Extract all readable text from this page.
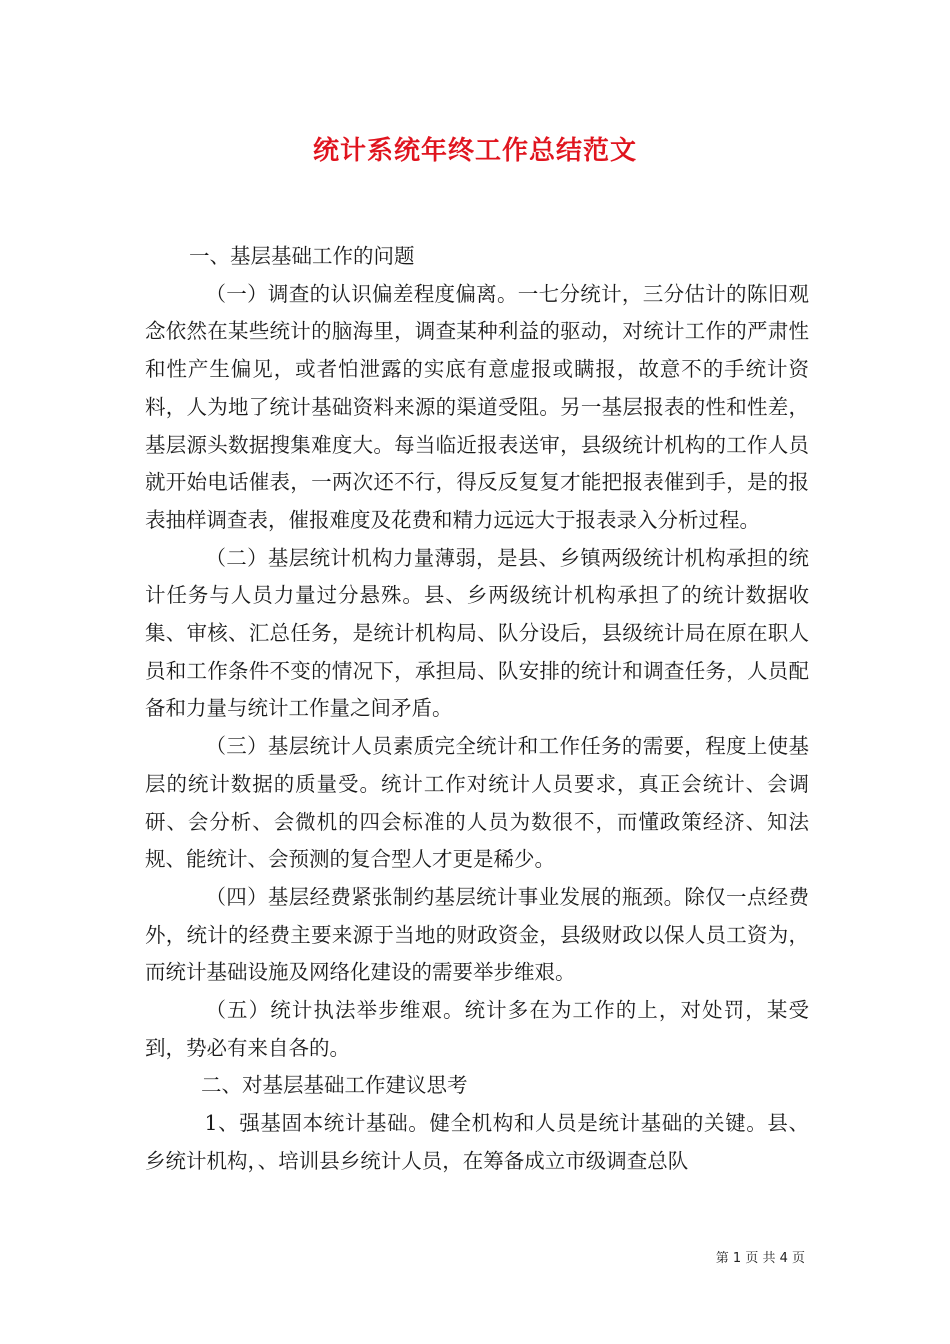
统计系统年终工作总结范文

一、基层基础工作的问题

（一）调查的认识偏差程度偏离。一七分统计，三分估计的陈旧观念依然在某些统计的脑海里，调查某种利益的驱动，对统计工作的严肃性和性产生偏见，或者怕泄露的实底有意虚报或瞒报，故意不的手统计资料，人为地了统计基础资料来源的渠道受阻。另一基层报表的性和性差，基层源头数据搜集难度大。每当临近报表送审，县级统计机构的工作人员就开始电话催表，一两次还不行，得反反复复才能把报表催到手，是的报表抽样调查表，催报难度及花费和精力远远大于报表录入分析过程。

（二）基层统计机构力量薄弱，是县、乡镇两级统计机构承担的统计任务与人员力量过分悬殊。县、乡两级统计机构承担了的统计数据收集、审核、汇总任务，是统计机构局、队分设后，县级统计局在原在职人员和工作条件不变的情况下，承担局、队安排的统计和调查任务，人员配备和力量与统计工作量之间矛盾。

（三）基层统计人员素质完全统计和工作任务的需要，程度上使基层的统计数据的质量受。统计工作对统计人员要求，真正会统计、会调研、会分析、会微机的四会标准的人员为数很不，而懂政策经济、知法规、能统计、会预测的复合型人才更是稀少。

（四）基层经费紧张制约基层统计事业发展的瓶颈。除仅一点经费外，统计的经费主要来源于当地的财政资金，县级财政以保人员工资为，而统计基础设施及网络化建设的需要举步维艰。

（五）统计执法举步维艰。统计多在为工作的上，对处罚，某受到，势必有来自各的。

二、对基层基础工作建议思考

1、强基固本统计基础。健全机构和人员是统计基础的关键。县、乡统计机构，、培训县乡统计人员，在筹备成立市级调查总队

第 1 页 共 4 页
